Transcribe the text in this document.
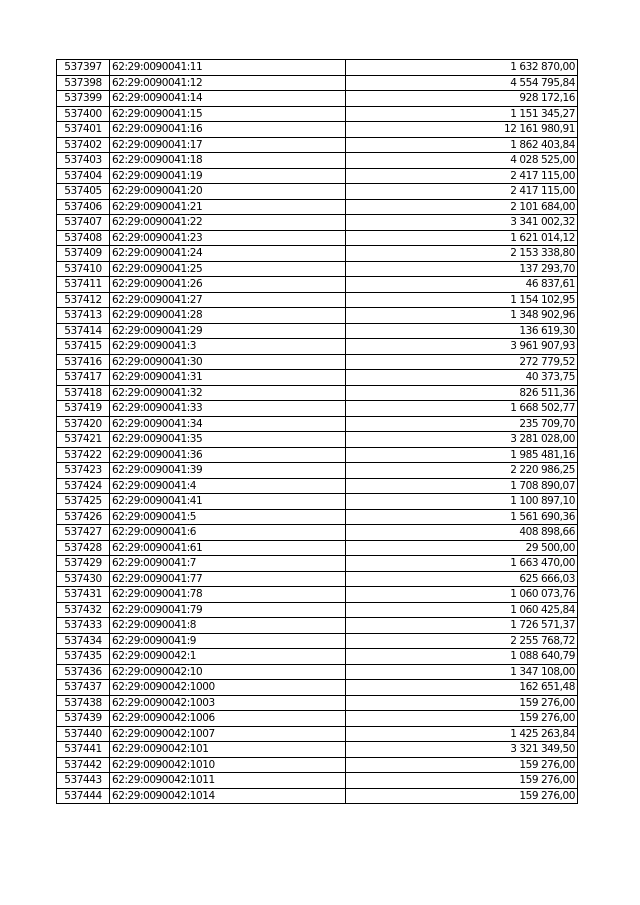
537397	62:29:0090041:11	1 632 870,00
537398	62:29:0090041:12	4 554 795,84
537399	62:29:0090041:14	928 172,16
537400	62:29:0090041:15	1 151 345,27
537401	62:29:0090041:16	12 161 980,91
537402	62:29:0090041:17	1 862 403,84
537403	62:29:0090041:18	4 028 525,00
537404	62:29:0090041:19	2 417 115,00
537405	62:29:0090041:20	2 417 115,00
537406	62:29:0090041:21	2 101 684,00
537407	62:29:0090041:22	3 341 002,32
537408	62:29:0090041:23	1 621 014,12
537409	62:29:0090041:24	2 153 338,80
537410	62:29:0090041:25	137 293,70
537411	62:29:0090041:26	46 837,61
537412	62:29:0090041:27	1 154 102,95
537413	62:29:0090041:28	1 348 902,96
537414	62:29:0090041:29	136 619,30
537415	62:29:0090041:3	3 961 907,93
537416	62:29:0090041:30	272 779,52
537417	62:29:0090041:31	40 373,75
537418	62:29:0090041:32	826 511,36
537419	62:29:0090041:33	1 668 502,77
537420	62:29:0090041:34	235 709,70
537421	62:29:0090041:35	3 281 028,00
537422	62:29:0090041:36	1 985 481,16
537423	62:29:0090041:39	2 220 986,25
537424	62:29:0090041:4	1 708 890,07
537425	62:29:0090041:41	1 100 897,10
537426	62:29:0090041:5	1 561 690,36
537427	62:29:0090041:6	408 898,66
537428	62:29:0090041:61	29 500,00
537429	62:29:0090041:7	1 663 470,00
537430	62:29:0090041:77	625 666,03
537431	62:29:0090041:78	1 060 073,76
537432	62:29:0090041:79	1 060 425,84
537433	62:29:0090041:8	1 726 571,37
537434	62:29:0090041:9	2 255 768,72
537435	62:29:0090042:1	1 088 640,79
537436	62:29:0090042:10	1 347 108,00
537437	62:29:0090042:1000	162 651,48
537438	62:29:0090042:1003	159 276,00
537439	62:29:0090042:1006	159 276,00
537440	62:29:0090042:1007	1 425 263,84
537441	62:29:0090042:101	3 321 349,50
537442	62:29:0090042:1010	159 276,00
537443	62:29:0090042:1011	159 276,00
537444	62:29:0090042:1014	159 276,00
